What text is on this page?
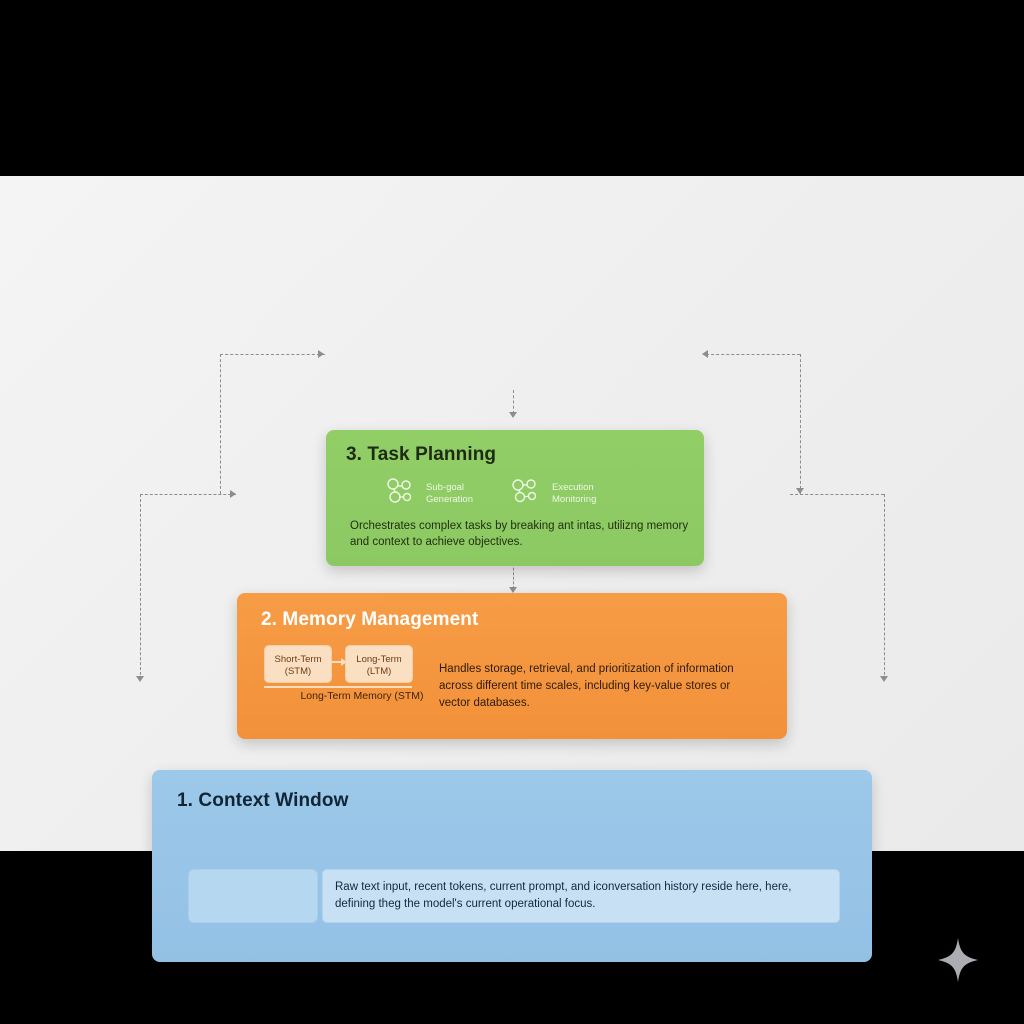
3. Task Planning
Sub-goal Generation
Execution Monitoring
Orchestrates complex tasks by breaking ant intas, utilizng memory and context to achieve objectives.
2. Memory Management
Short-Term (STM)
Long-Term (LTM)
Long-Term Memory (STM)
Handles storage, retrieval, and prioritization of information across different time scales, including key-value stores or vector databases.
1. Context Window
Raw text input, recent tokens, current prompt, and iconversation history reside here, here, defining theg the model's current operational focus.
